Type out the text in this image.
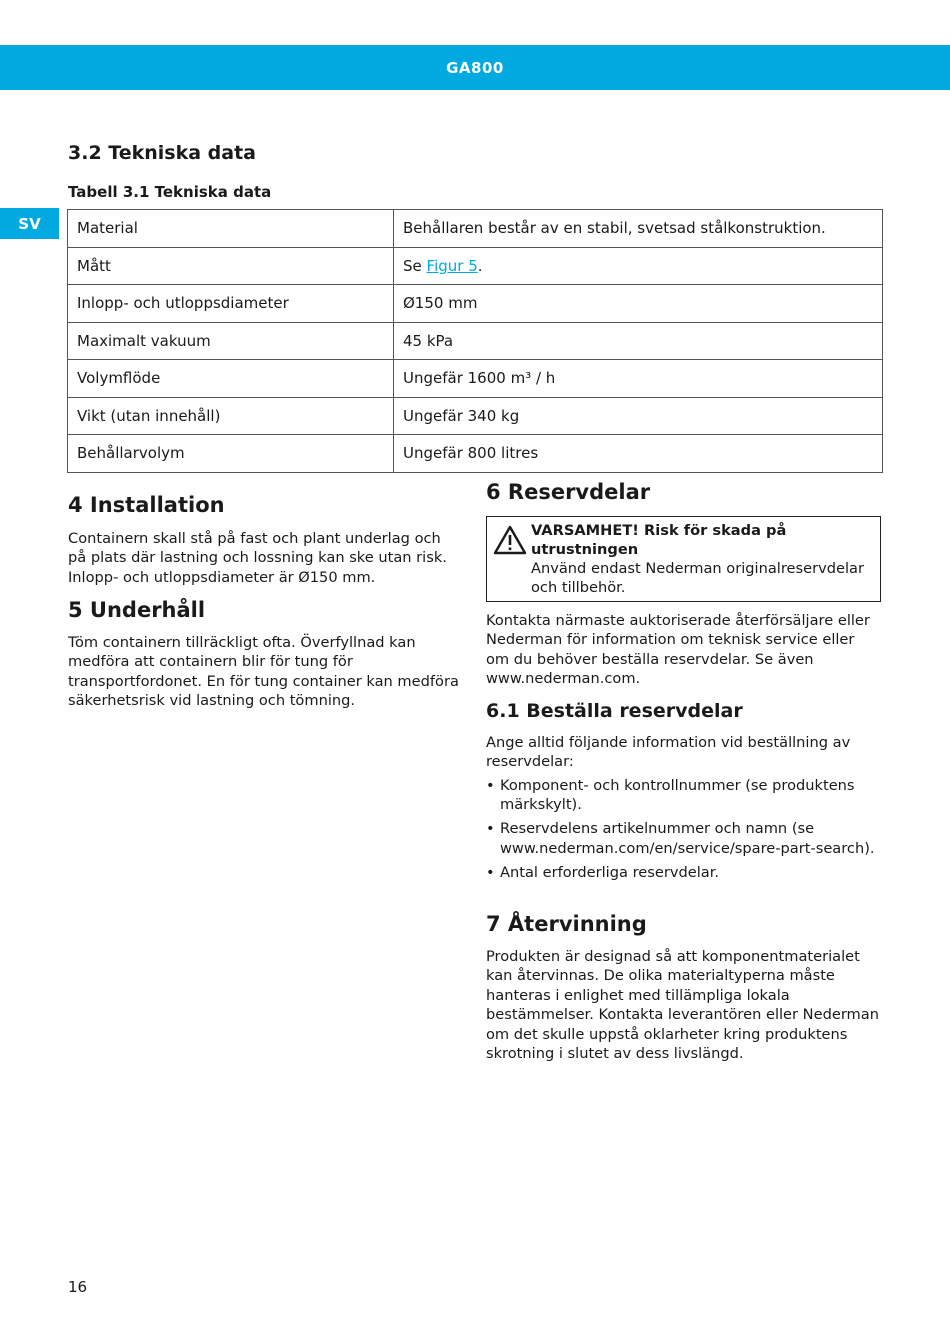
GA800
SV
3.2 Tekniska data
Tabell 3.1 Tekniska data
Material	Behållaren består av en stabil, svetsad stålkonstruktion.
Mått	Se Figur 5.
Inlopp- och utloppsdiameter	Ø150 mm
Maximalt vakuum	45 kPa
Volymflöde	Ungefär 1600 m³ / h
Vikt (utan innehåll)	Ungefär 340 kg
Behållarvolym	Ungefär 800 litres
4 Installation

Containern skall stå på fast och plant underlag och på plats där lastning och lossning kan ske utan risk. Inlopp- och utloppsdiameter är Ø150 mm.

5 Underhåll

Töm containern tillräckligt ofta. Överfyllnad kan medföra att containern blir för tung för transportfordonet. En för tung container kan medföra säkerhetsrisk vid lastning och tömning.

6 Reservdelar
VARSAMHET! Risk för skada på utrustningen
Använd endast Nederman originalreservdelar och tillbehör.

Kontakta närmaste auktoriserade återförsäljare eller Nederman för information om teknisk service eller om du behöver beställa reservdelar. Se även www.nederman.com.

6.1 Beställa reservdelar

Ange alltid följande information vid beställning av reservdelar:

• Komponent- och kontrollnummer (se produktens märkskylt).
• Reservdelens artikelnummer och namn (se www.nederman.com/en/service/spare-part-search).
• Antal erforderliga reservdelar.
7 Återvinning

Produkten är designad så att komponentmaterialet kan återvinnas. De olika materialtyperna måste hanteras i enlighet med tillämpliga lokala bestämmelser. Kontakta leverantören eller Nederman om det skulle uppstå oklarheter kring produktens skrotning i slutet av dess livslängd.

16
